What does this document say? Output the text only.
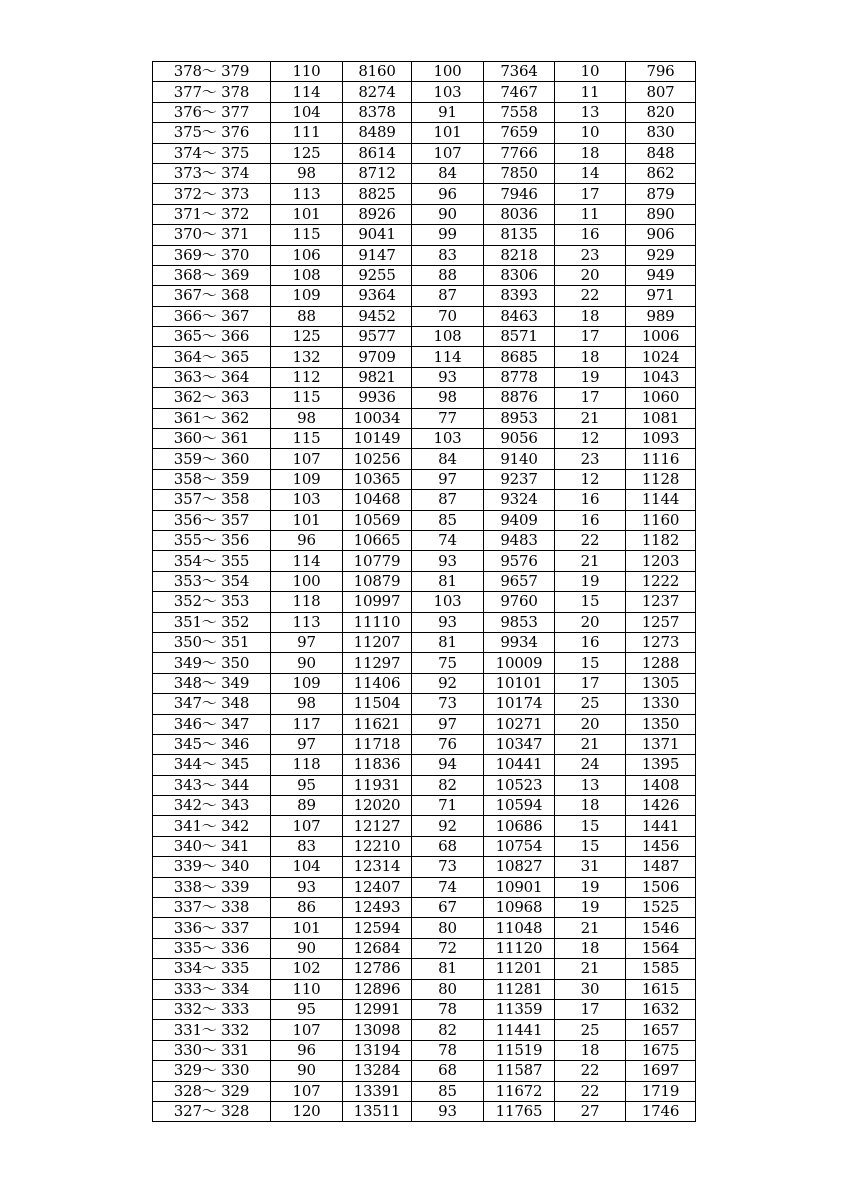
378～ 379	110	8160	100	7364	10	796
377～ 378	114	8274	103	7467	11	807
376～ 377	104	8378	91	7558	13	820
375～ 376	111	8489	101	7659	10	830
374～ 375	125	8614	107	7766	18	848
373～ 374	98	8712	84	7850	14	862
372～ 373	113	8825	96	7946	17	879
371～ 372	101	8926	90	8036	11	890
370～ 371	115	9041	99	8135	16	906
369～ 370	106	9147	83	8218	23	929
368～ 369	108	9255	88	8306	20	949
367～ 368	109	9364	87	8393	22	971
366～ 367	88	9452	70	8463	18	989
365～ 366	125	9577	108	8571	17	1006
364～ 365	132	9709	114	8685	18	1024
363～ 364	112	9821	93	8778	19	1043
362～ 363	115	9936	98	8876	17	1060
361～ 362	98	10034	77	8953	21	1081
360～ 361	115	10149	103	9056	12	1093
359～ 360	107	10256	84	9140	23	1116
358～ 359	109	10365	97	9237	12	1128
357～ 358	103	10468	87	9324	16	1144
356～ 357	101	10569	85	9409	16	1160
355～ 356	96	10665	74	9483	22	1182
354～ 355	114	10779	93	9576	21	1203
353～ 354	100	10879	81	9657	19	1222
352～ 353	118	10997	103	9760	15	1237
351～ 352	113	11110	93	9853	20	1257
350～ 351	97	11207	81	9934	16	1273
349～ 350	90	11297	75	10009	15	1288
348～ 349	109	11406	92	10101	17	1305
347～ 348	98	11504	73	10174	25	1330
346～ 347	117	11621	97	10271	20	1350
345～ 346	97	11718	76	10347	21	1371
344～ 345	118	11836	94	10441	24	1395
343～ 344	95	11931	82	10523	13	1408
342～ 343	89	12020	71	10594	18	1426
341～ 342	107	12127	92	10686	15	1441
340～ 341	83	12210	68	10754	15	1456
339～ 340	104	12314	73	10827	31	1487
338～ 339	93	12407	74	10901	19	1506
337～ 338	86	12493	67	10968	19	1525
336～ 337	101	12594	80	11048	21	1546
335～ 336	90	12684	72	11120	18	1564
334～ 335	102	12786	81	11201	21	1585
333～ 334	110	12896	80	11281	30	1615
332～ 333	95	12991	78	11359	17	1632
331～ 332	107	13098	82	11441	25	1657
330～ 331	96	13194	78	11519	18	1675
329～ 330	90	13284	68	11587	22	1697
328～ 329	107	13391	85	11672	22	1719
327～ 328	120	13511	93	11765	27	1746
